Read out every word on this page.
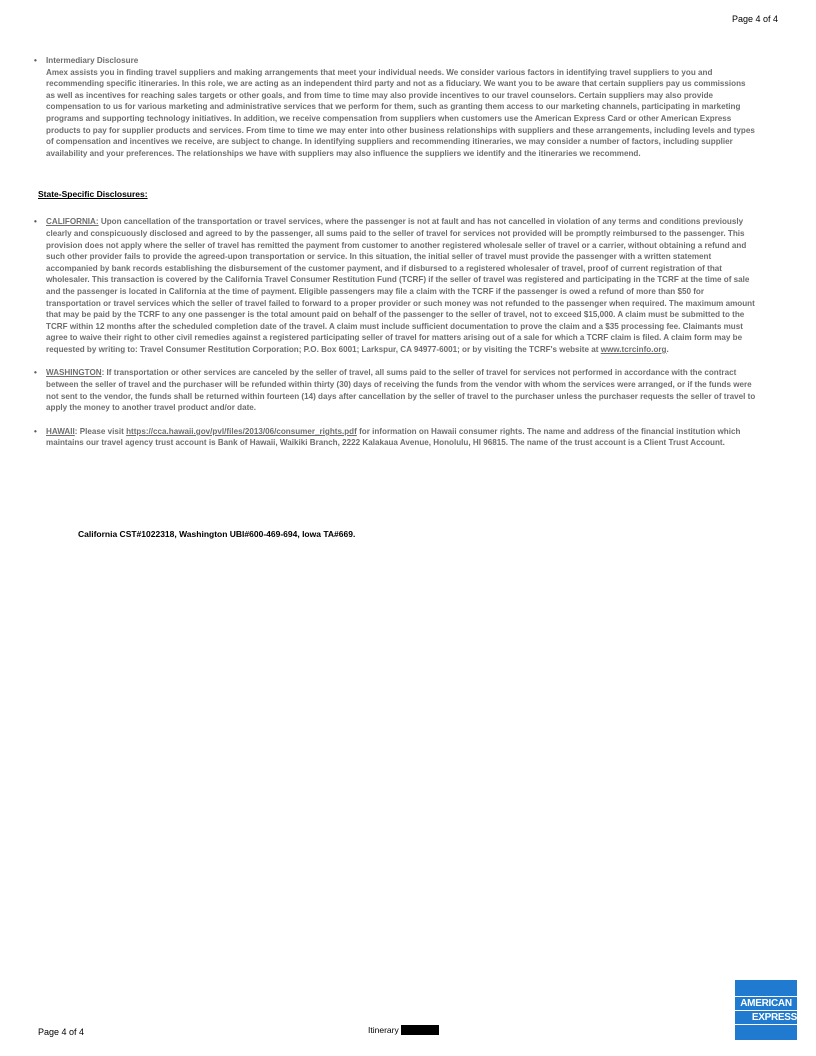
Page 4 of 4
•	Intermediary Disclosure
Amex assists you in finding travel suppliers and making arrangements that meet your individual needs. We consider various factors in identifying travel suppliers to you and recommending specific itineraries. In this role, we are acting as an independent third party and not as a fiduciary. We want you to be aware that certain suppliers pay us commissions as well as incentives for reaching sales targets or other goals, and from time to time may also provide incentives to our travel counselors. Certain suppliers may also provide compensation to us for various marketing and administrative services that we perform for them, such as granting them access to our marketing channels, participating in marketing programs and supporting technology initiatives. In addition, we receive compensation from suppliers when customers use the American Express Card or other American Express products to pay for supplier products and services. From time to time we may enter into other business relationships with suppliers and these arrangements, including levels and types of compensation and incentives we receive, are subject to change. In identifying suppliers and recommending itineraries, we may consider a number of factors, including supplier availability and your preferences. The relationships we have with suppliers may also influence the suppliers we identify and the itineraries we recommend.
State-Specific Disclosures:
•	CALIFORNIA: Upon cancellation of the transportation or travel services, where the passenger is not at fault and has not cancelled in violation of any terms and conditions previously clearly and conspicuously disclosed and agreed to by the passenger, all sums paid to the seller of travel for services not provided will be promptly reimbursed to the passenger. This provision does not apply where the seller of travel has remitted the payment from customer to another registered wholesale seller of travel or a carrier, without obtaining a refund and such other provider fails to provide the agreed-upon transportation or service. In this situation, the initial seller of travel must provide the passenger with a written statement accompanied by bank records establishing the disbursement of the customer payment, and if disbursed to a registered wholesaler of travel, proof of current registration of that wholesaler. This transaction is covered by the California Travel Consumer Restitution Fund (TCRF) if the seller of travel was registered and participating in the TCRF at the time of sale and the passenger is located in California at the time of payment. Eligible passengers may file a claim with the TCRF if the passenger is owed a refund of more than $50 for transportation or travel services which the seller of travel failed to forward to a proper provider or such money was not refunded to the passenger when required. The maximum amount that may be paid by the TCRF to any one passenger is the total amount paid on behalf of the passenger to the seller of travel, not to exceed $15,000. A claim must be submitted to the TCRF within 12 months after the scheduled completion date of the travel. A claim must include sufficient documentation to prove the claim and a $35 processing fee. Claimants must agree to waive their right to other civil remedies against a registered participating seller of travel for matters arising out of a sale for which a TCRF claim is filed. A claim form may be requested by writing to: Travel Consumer Restitution Corporation; P.O. Box 6001; Larkspur, CA 94977-6001; or by visiting the TCRF's website at www.tcrcinfo.org.
•	WASHINGTON: If transportation or other services are canceled by the seller of travel, all sums paid to the seller of travel for services not performed in accordance with the contract between the seller of travel and the purchaser will be refunded within thirty (30) days of receiving the funds from the vendor with whom the services were arranged, or if the funds were not sent to the vendor, the funds shall be returned within fourteen (14) days after cancellation by the seller of travel to the purchaser unless the purchaser requests the seller of travel to apply the money to another travel product and/or date.
•	HAWAII: Please visit https://cca.hawaii.gov/pvl/files/2013/06/consumer_rights.pdf for information on Hawaii consumer rights. The name and address of the financial institution which maintains our travel agency trust account is Bank of Hawaii, Waikiki Branch, 2222 Kalakaua Avenue, Honolulu, HI 96815. The name of the trust account is a Client Trust Account.
California CST#1022318, Washington UBI#600-469-694, Iowa TA#669.
Page 4 of 4	Itinerary
AMERICAN
EXPRESS
